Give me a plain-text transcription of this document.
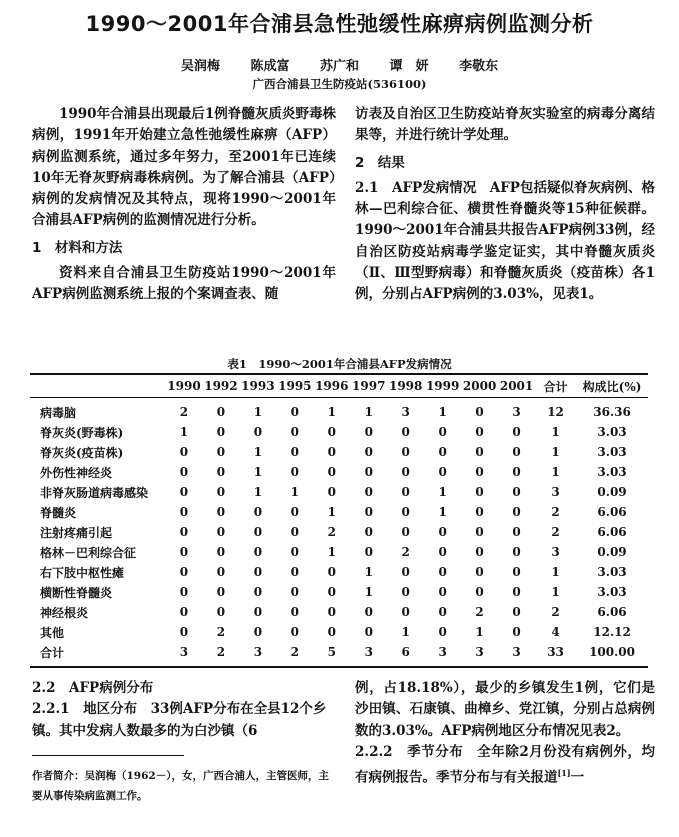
1990～2001年合浦县急性弛缓性麻痹病例监测分析
吴润梅 陈成富 苏广和 谭　妍 李敬东
广西合浦县卫生防疫站(536100)

1990年合浦县出现最后1例脊髓灰质炎野毒株病例，1991年开始建立急性弛缓性麻痹（AFP）病例监测系统，通过多年努力，至2001年已连续10年无脊灰野病毒株病例。为了解合浦县（AFP）病例的发病情况及其特点，现将1990～2001年合浦县AFP病例的监测情况进行分析。

1　材料和方法

资料来自合浦县卫生防疫站1990～2001年AFP病例监测系统上报的个案调查表、随

访表及自治区卫生防疫站脊灰实验室的病毒分离结果等，并进行统计学处理。

2　结果

2.1　AFP发病情况　AFP包括疑似脊灰病例、格林—巴利综合征、横贯性脊髓炎等15种征候群。1990～2001年合浦县共报告AFP病例33例，经自治区防疫站病毒学鉴定证实，其中脊髓灰质炎（Ⅱ、Ⅲ型野病毒）和脊髓灰质炎（疫苗株）各1例，分别占AFP病例的3.03%，见表1。

表1　1990～2001年合浦县AFP发病情况
	1990	1992	1993	1995	1996	1997	1998	1999	2000	2001	合计	构成比(%)
病毒脑	2	0	1	0	1	1	3	1	0	3	12	36.36
脊灰炎(野毒株)	1	0	0	0	0	0	0	0	0	0	1	3.03
脊灰炎(疫苗株)	0	0	1	0	0	0	0	0	0	0	1	3.03
外伤性神经炎	0	0	1	0	0	0	0	0	0	0	1	3.03
非脊灰肠道病毒感染	0	0	1	1	0	0	0	1	0	0	3	0.09
脊髓炎	0	0	0	0	1	0	0	1	0	0	2	6.06
注射疼痛引起	0	0	0	0	2	0	0	0	0	0	2	6.06
格林－巴利综合征	0	0	0	0	1	0	2	0	0	0	3	0.09
右下肢中枢性瘫	0	0	0	0	0	1	0	0	0	0	1	3.03
横断性脊髓炎	0	0	0	0	0	1	0	0	0	0	1	3.03
神经根炎	0	0	0	0	0	0	0	0	2	0	2	6.06
其他	0	2	0	0	0	0	1	0	1	0	4	12.12
合计	3	2	3	2	5	3	6	3	3	3	33	100.00

2.2　AFP病例分布

2.2.1　地区分布　33例AFP分布在全县12个乡镇。其中发病人数最多的为白沙镇（6

作者简介：吴润梅（1962－），女，广西合浦人，主管医师，主要从事传染病监测工作。

例，占18.18%），最少的乡镇发生1例，它们是沙田镇、石康镇、曲樟乡、党江镇，分别占总病例数的3.03%。AFP病例地区分布情况见表2。

2.2.2　季节分布　全年除2月份没有病例外，均有病例报告。季节分布与有关报道[1]一
